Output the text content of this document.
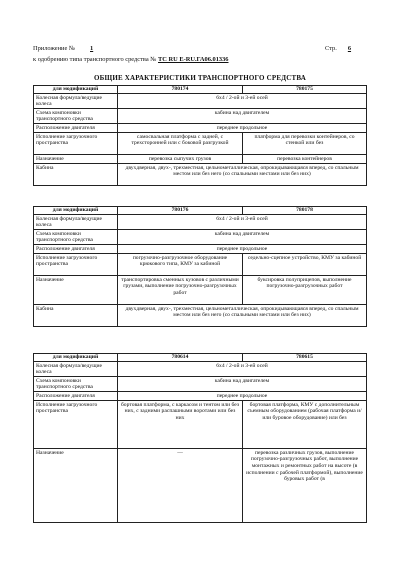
Приложение № 1	Стр. 6
к одобрению типа транспортного средства № TC RU E-RU.ГА06.01336
ОБЩИЕ ХАРАКТЕРИСТИКИ ТРАНСПОРТНОГО СРЕДСТВА
для модификаций	780174	780175
Колесная формула/ведущие колеса	6x4 / 2-ой и 3-ей осей	
Схема компоновки транспортного средства	кабина над двигателем	
Расположение двигателя	переднее продольное	
Исполнение загрузочного пространства	самосвальная платформа с задней, с трехсторонней или с боковой разгрузкой	платформа для перевозки контейнеров, со стенкой или без
Назначение	перевозка сыпучих грузов	перевозка контейнеров
Кабина	двухдверная, двух-, трехместная, цельнометаллическая, опрокидывающаяся вперед, со спальным местом или без него (со спальными местами или без них)	
для модификаций	780176	780178
Колесная формула/ведущие колеса	6x4 / 2-ой и 3-ей осей	
Схема компоновки транспортного средства	кабина над двигателем	
Расположение двигателя	переднее продольное	
Исполнение загрузочного пространства	погрузочно-разгрузочное оборудование крюкового типа, КМУ за кабиной	седельно-сцепное устройство, КМУ за кабиной
Назначение	транспортировка сменных кузовов с различными грузами, выполнение погрузочно-разгрузочных работ	буксировка полуприцепов, выполнение погрузочно-разгрузочных работ
Кабина	двухдверная, двух-, трехместная, цельнометаллическая, опрокидывающаяся вперед, со спальным местом или без него (со спальными местами или без них)	
для модификаций	780614	780615
Колесная формула/ведущие колеса	6x4 / 2-ой и 3-ей осей	
Схема компоновки транспортного средства	кабина над двигателем	
Расположение двигателя	переднее продольное	
Исполнение загрузочного пространства	бортовая платформа, с каркасом и тентом или без них, с задними распашными воротами или без них	бортовая платформа, КМУ с дополнительным съемным оборудованием (рабочая платформа и/или буровое оборудование) или без
Назначение	—	перевозка различных грузов, выполнение погрузочно-разгрузочных работ, выполнение монтажных и ремонтных работ на высоте (в исполнении с рабочей платформой), выполнение буровых работ (в
